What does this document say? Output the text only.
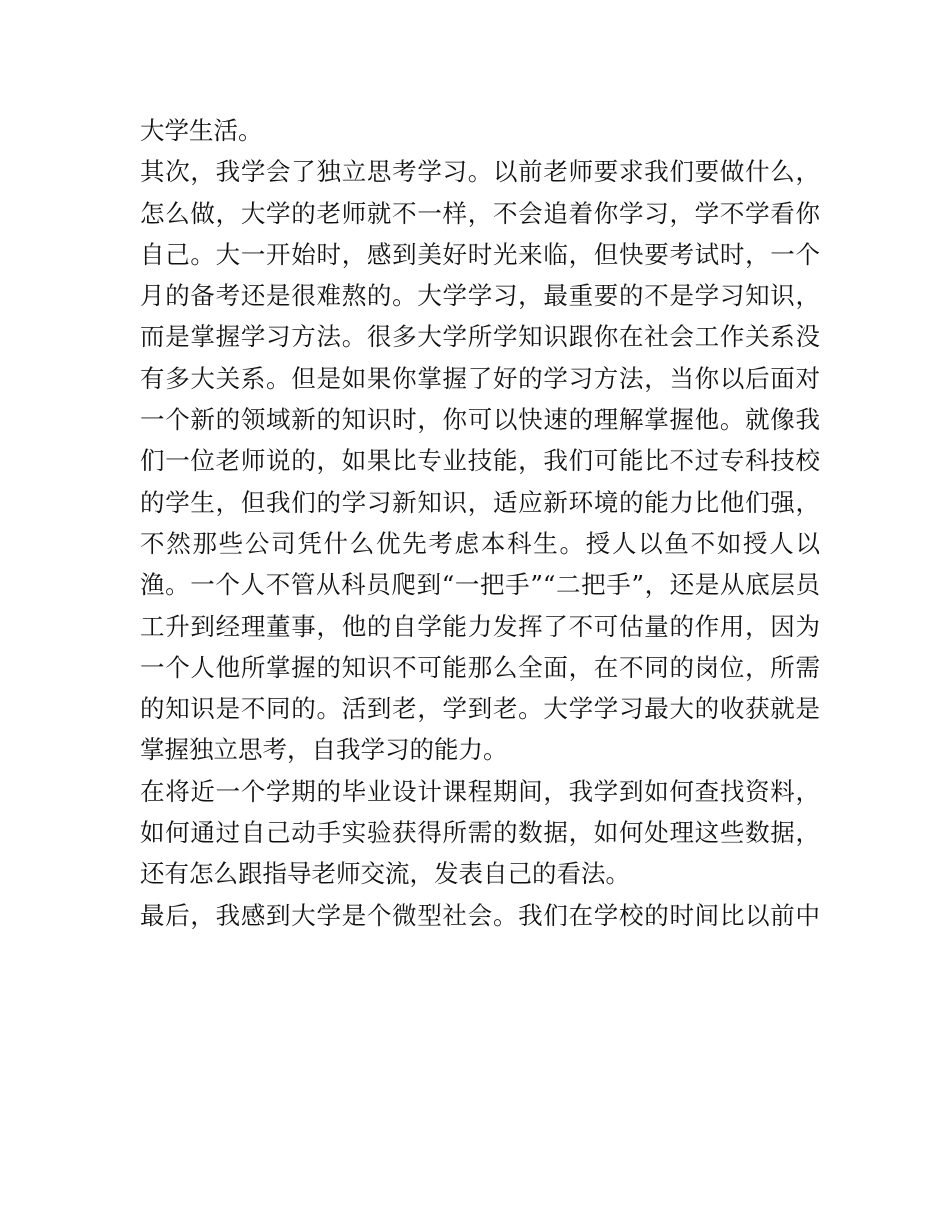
大学生活。
其次，我学会了独立思考学习。以前老师要求我们要做什么，
怎么做，大学的老师就不一样，不会追着你学习，学不学看你
自己。大一开始时，感到美好时光来临，但快要考试时，一个
月的备考还是很难熬的。大学学习，最重要的不是学习知识，
而是掌握学习方法。很多大学所学知识跟你在社会工作关系没
有多大关系。但是如果你掌握了好的学习方法，当你以后面对
一个新的领域新的知识时，你可以快速的理解掌握他。就像我
们一位老师说的，如果比专业技能，我们可能比不过专科技校
的学生，但我们的学习新知识，适应新环境的能力比他们强，
不然那些公司凭什么优先考虑本科生。授人以鱼不如授人以
渔。一个人不管从科员爬到“一把手”“二把手”，还是从底层员
工升到经理董事，他的自学能力发挥了不可估量的作用，因为
一个人他所掌握的知识不可能那么全面，在不同的岗位，所需
的知识是不同的。活到老，学到老。大学学习最大的收获就是
掌握独立思考，自我学习的能力。
在将近一个学期的毕业设计课程期间，我学到如何查找资料，
如何通过自己动手实验获得所需的数据，如何处理这些数据，
还有怎么跟指导老师交流，发表自己的看法。
最后，我感到大学是个微型社会。我们在学校的时间比以前中
